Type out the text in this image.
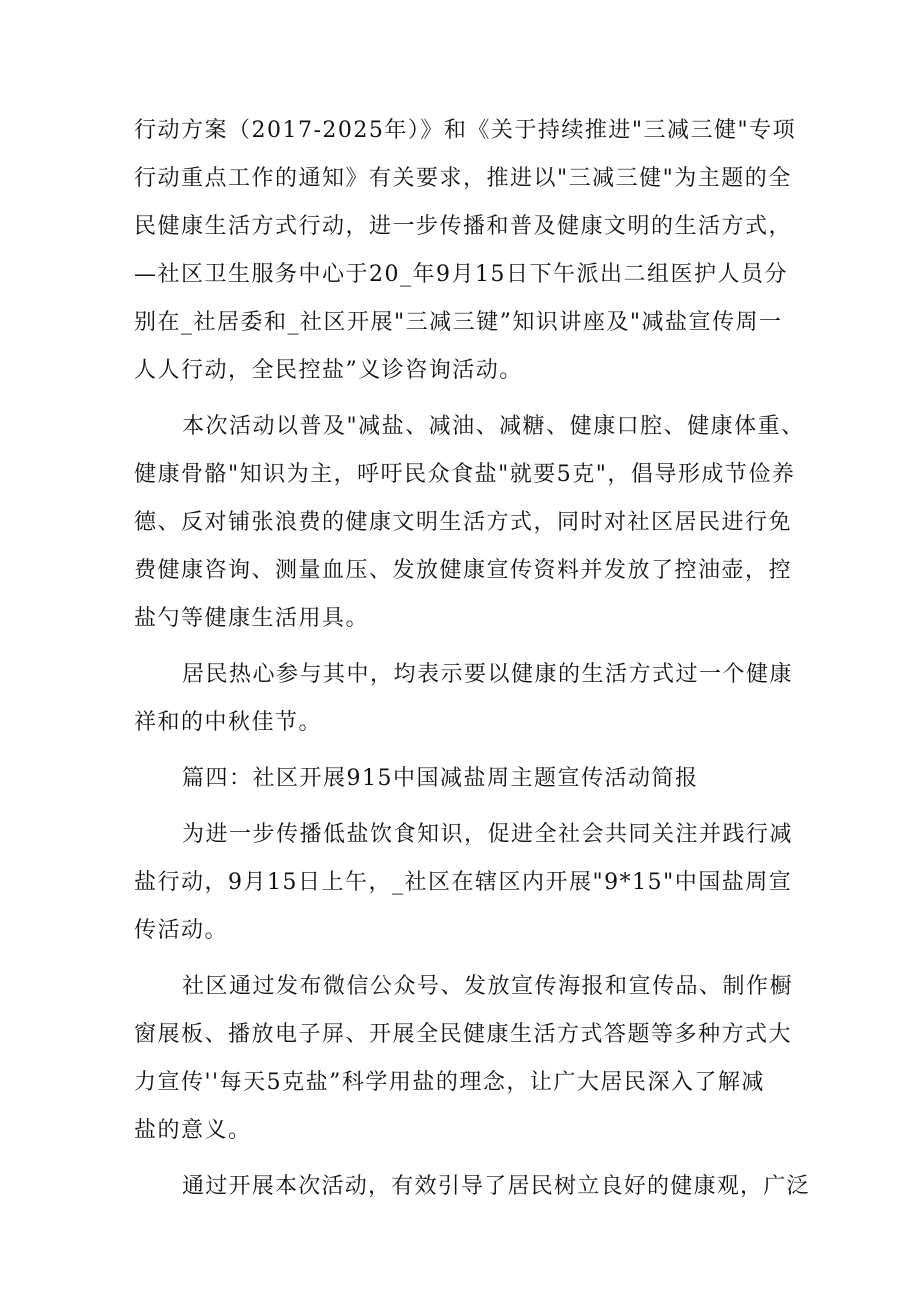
行动方案（2017-2025年）》和《关于持续推进"三减三健"专项
行动重点工作的通知》有关要求，推进以"三减三健"为主题的全
民健康生活方式行动，进一步传播和普及健康文明的生活方式，
—社区卫生服务中心于20_年9月15日下午派出二组医护人员分
别在_社居委和_社区开展"三减三键”知识讲座及"减盐宣传周一
人人行动，全民控盐”义诊咨询活动。

本次活动以普及"减盐、减油、减糖、健康口腔、健康体重、
健康骨骼"知识为主，呼吁民众食盐"就要5克"，倡导形成节俭养
德、反对铺张浪费的健康文明生活方式，同时对社区居民进行免
费健康咨询、测量血压、发放健康宣传资料并发放了控油壶，控
盐勺等健康生活用具。

居民热心参与其中，均表示要以健康的生活方式过一个健康
祥和的中秋佳节。

篇四：社区开展915中国减盐周主题宣传活动简报

为进一步传播低盐饮食知识，促进全社会共同关注并践行减
盐行动，9月15日上午，_社区在辖区内开展"9*15"中国盐周宣
传活动。

社区通过发布微信公众号、发放宣传海报和宣传品、制作橱
窗展板、播放电子屏、开展全民健康生活方式答题等多种方式大
力宣传''每天5克盐”科学用盐的理念，让广大居民深入了解减
盐的意义。

通过开展本次活动，有效引导了居民树立良好的健康观，广泛
